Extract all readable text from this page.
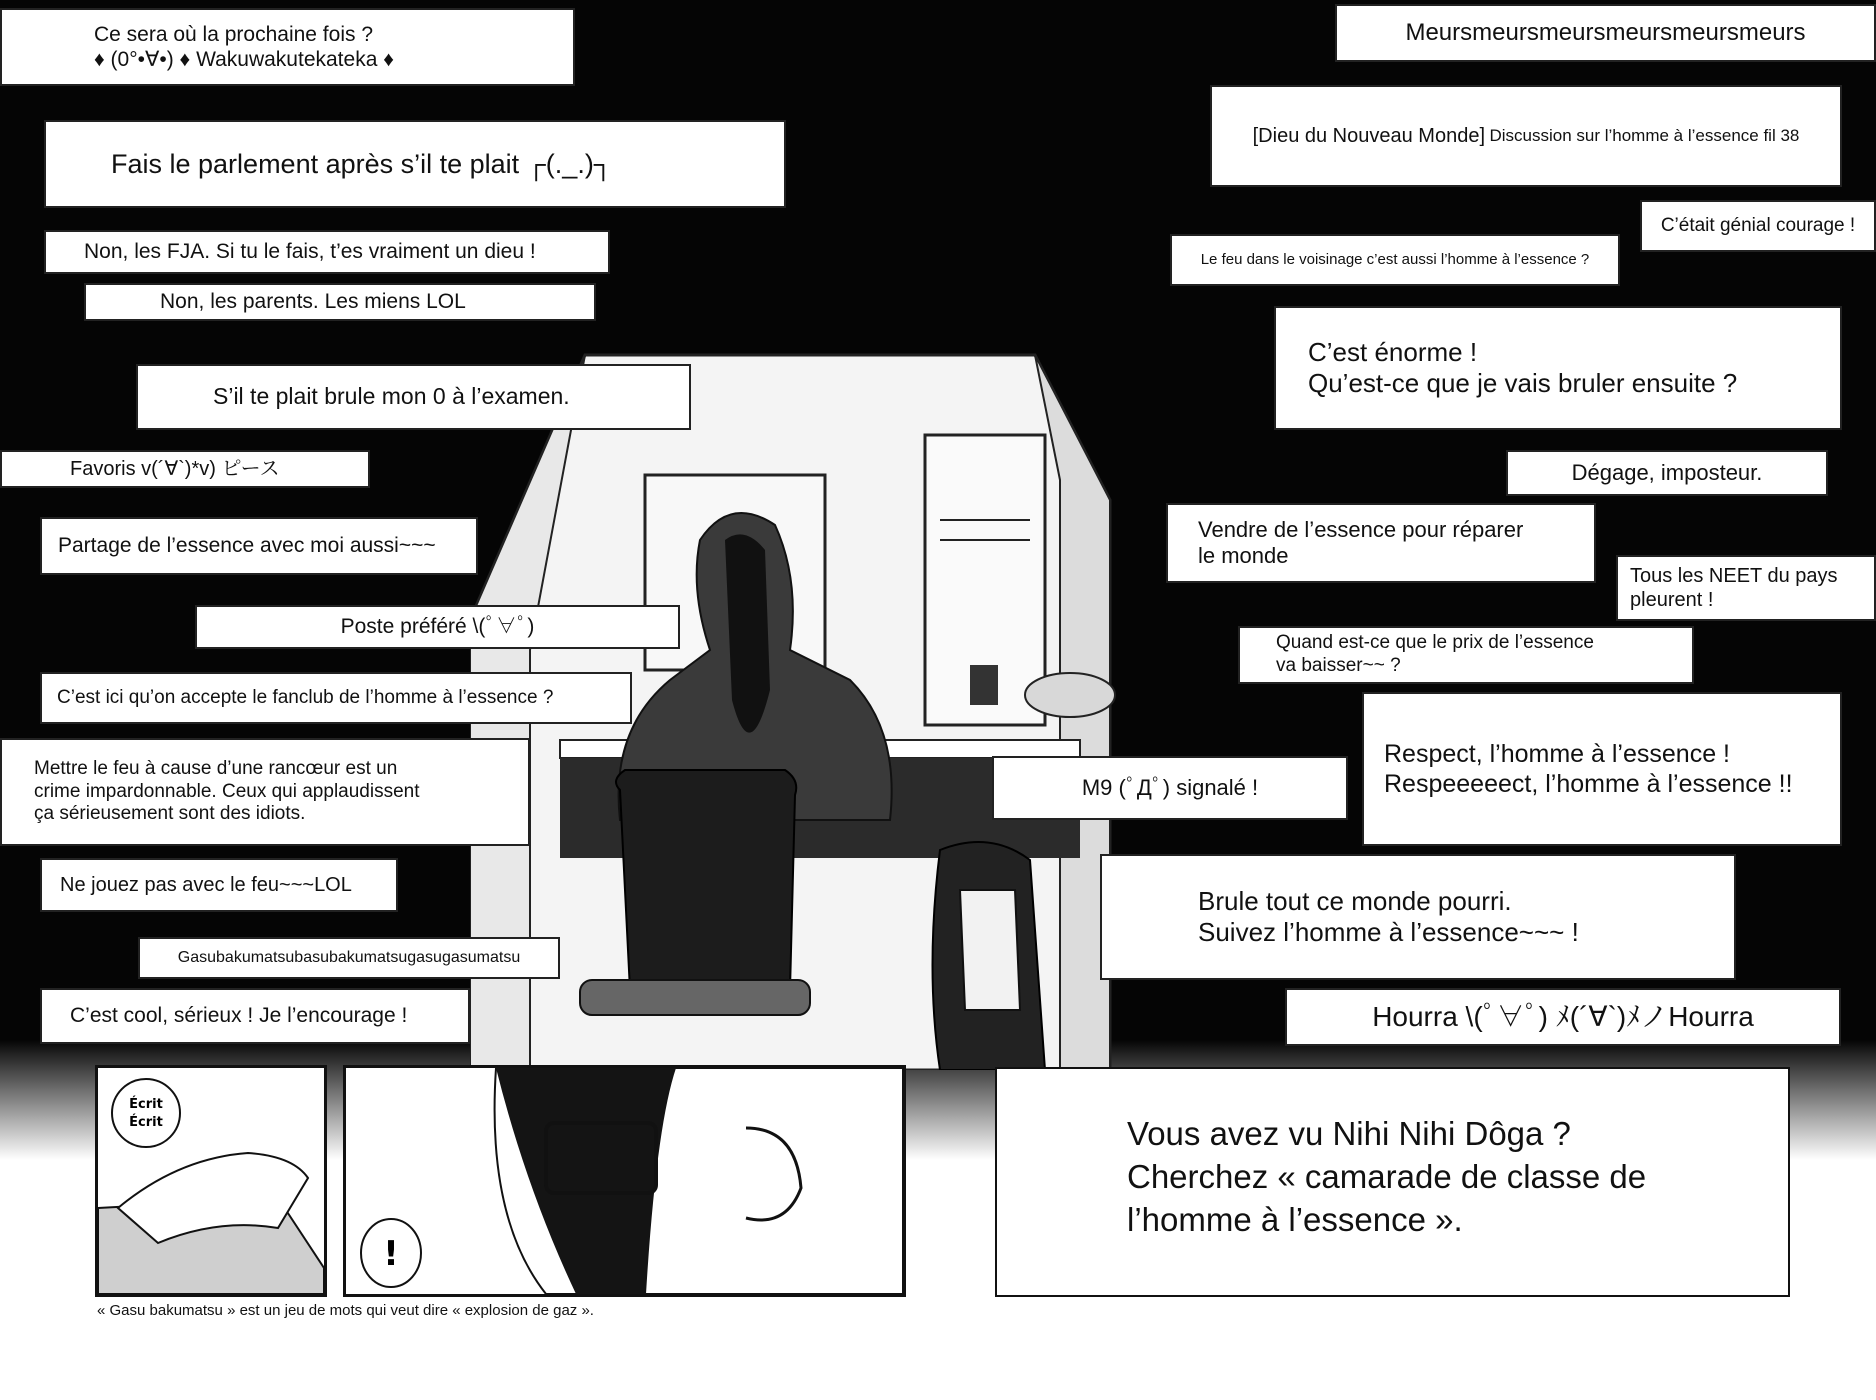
Ce sera où la prochaine fois ?
♦ (0°•∀•) ♦ Wakuwakutekateka ♦
Fais le parlement après s’il te plait ┌(._.)┐
Non, les FJA. Si tu le fais, t’es vraiment un dieu !
Non, les parents. Les miens LOL
S’il te plait brule mon 0 à l’examen.
Favoris v(´∀`)*v) ピース
Partage de l’essence avec moi aussi~~~
Poste préféré \(ﾟ∀ﾟ)
C’est ici qu’on accepte le fanclub de l’homme à l’essence ?
Mettre le feu à cause d’une rancœur est un
crime impardonnable. Ceux qui applaudissent
ça sérieusement sont des idiots.
Ne jouez pas avec le feu~~~LOL
Gasubakumatsubasubakumatsugasugasumatsu
C’est cool, sérieux ! Je l’encourage !
Meursmeursmeursmeursmeursmeurs
[Dieu du Nouveau Monde]
Discussion sur l’homme à l’essence fil 38
C’était génial courage !
Le feu dans le voisinage c’est aussi l’homme à l’essence ?
C’est énorme !
Qu’est-ce que je vais bruler ensuite ?
Dégage, imposteur.
Vendre de l’essence pour réparer
le monde
Tous les NEET du pays
pleurent !
Quand est-ce que le prix de l’essence
va baisser~~ ?
Respect, l’homme à l’essence !
Respeeeeect, l’homme à l’essence !!
M9 (ﾟДﾟ) signalé !
Brule tout ce monde pourri.
Suivez l’homme à l’essence~~~ !
Hourra \(ﾟ∀ﾟ) ﾒ(´∀`)ﾒノHourra
Écrit
Écrit
!
Vous avez vu Nihi Nihi Dôga ?
Cherchez « camarade de classe de
l’homme à l’essence ».
« Gasu bakumatsu » est un jeu de mots qui veut dire « explosion de gaz ».
